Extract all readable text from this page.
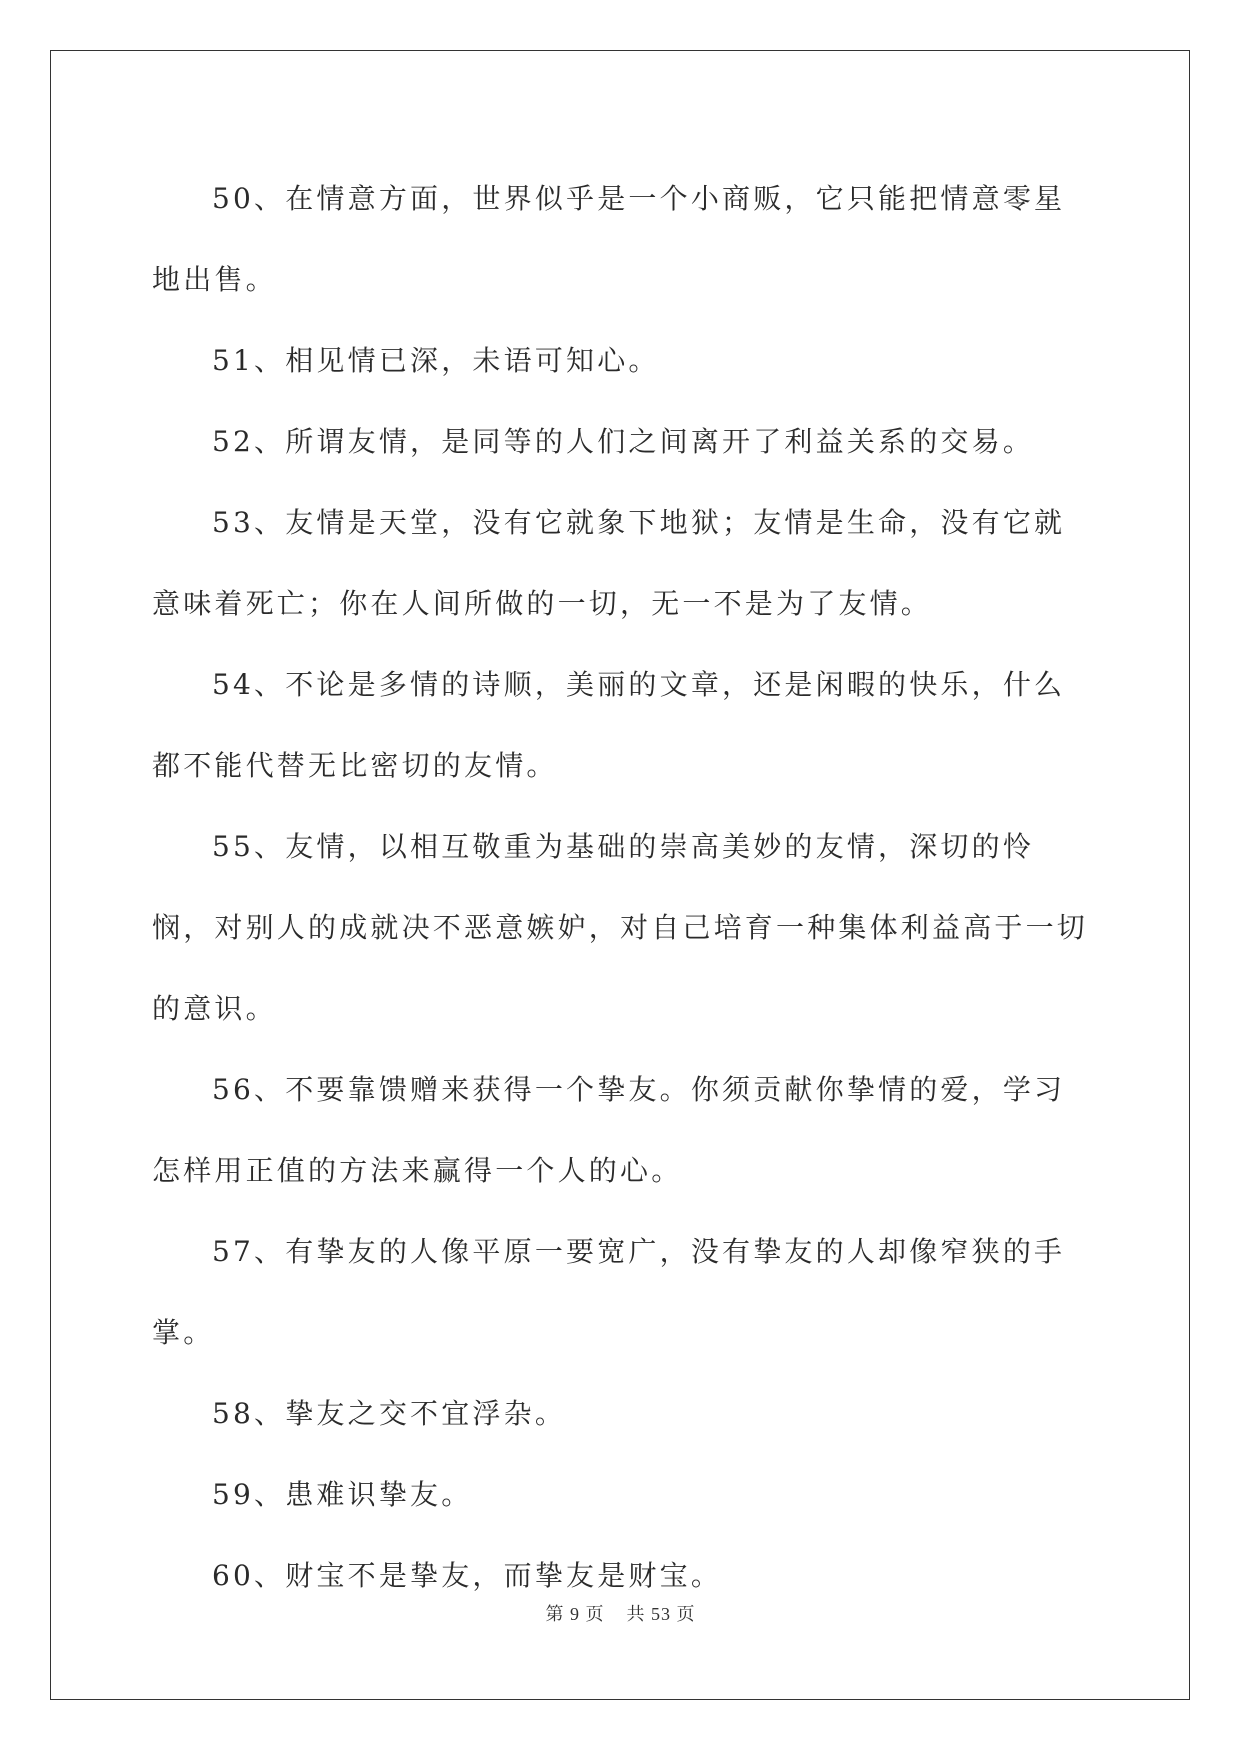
50、在情意方面，世界似乎是一个小商贩，它只能把情意零星地出售。

51、相见情已深，未语可知心。

52、所谓友情，是同等的人们之间离开了利益关系的交易。

53、友情是天堂，没有它就象下地狱；友情是生命，没有它就意味着死亡；你在人间所做的一切，无一不是为了友情。

54、不论是多情的诗顺，美丽的文章，还是闲暇的快乐，什么都不能代替无比密切的友情。

55、友情，以相互敬重为基础的崇高美妙的友情，深切的怜悯，对别人的成就决不恶意嫉妒，对自己培育一种集体利益高于一切的意识。

56、不要靠馈赠来获得一个挚友。你须贡献你挚情的爱，学习怎样用正值的方法来赢得一个人的心。

57、有挚友的人像平原一要宽广，没有挚友的人却像窄狭的手掌。

58、挚友之交不宜浮杂。

59、患难识挚友。

60、财宝不是挚友，而挚友是财宝。

第 9 页 共 53 页
